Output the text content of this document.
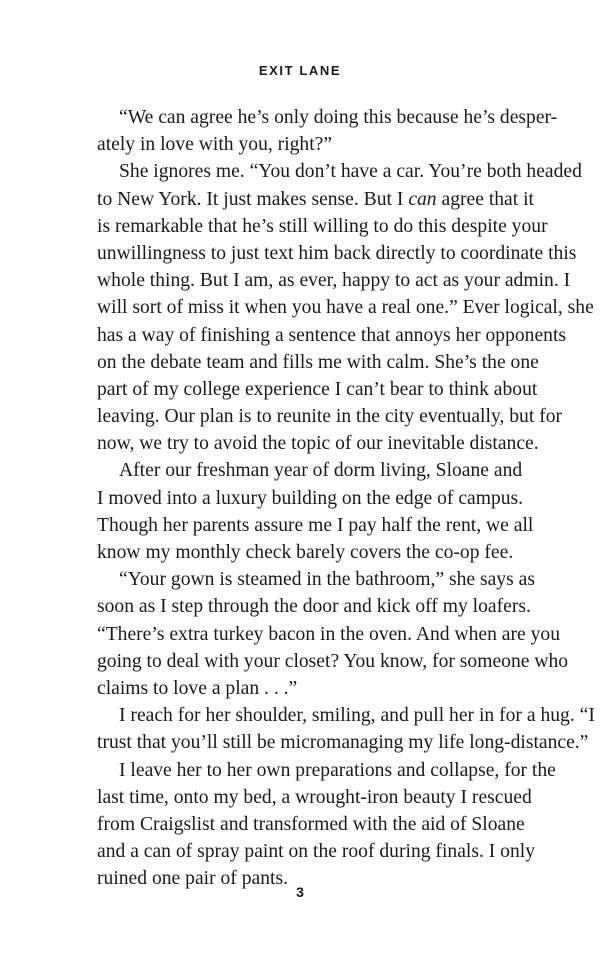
EXIT LANE
“We can agree he’s only doing this because he’s desper-
ately in love with you, right?”
She ignores me. “You don’t have a car. You’re both headed
to New York. It just makes sense. But I can agree that it
is remarkable that he’s still willing to do this despite your
unwillingness to just text him back directly to coordinate this
whole thing. But I am, as ever, happy to act as your admin. I
will sort of miss it when you have a real one.” Ever logical, she
has a way of finishing a sentence that annoys her opponents
on the debate team and fills me with calm. She’s the one
part of my college experience I can’t bear to think about
leaving. Our plan is to reunite in the city eventually, but for
now, we try to avoid the topic of our inevitable distance.
After our freshman year of dorm living, Sloane and
I moved into a luxury building on the edge of campus.
Though her parents assure me I pay half the rent, we all
know my monthly check barely covers the co-op fee.
“Your gown is steamed in the bathroom,” she says as
soon as I step through the door and kick off my loafers.
“There’s extra turkey bacon in the oven. And when are you
going to deal with your closet? You know, for someone who
claims to love a plan . . .”
I reach for her shoulder, smiling, and pull her in for a hug. “I
trust that you’ll still be micromanaging my life long-distance.”
I leave her to her own preparations and collapse, for the
last time, onto my bed, a wrought-iron beauty I rescued
from Craigslist and transformed with the aid of Sloane
and a can of spray paint on the roof during finals. I only
ruined one pair of pants.
3
